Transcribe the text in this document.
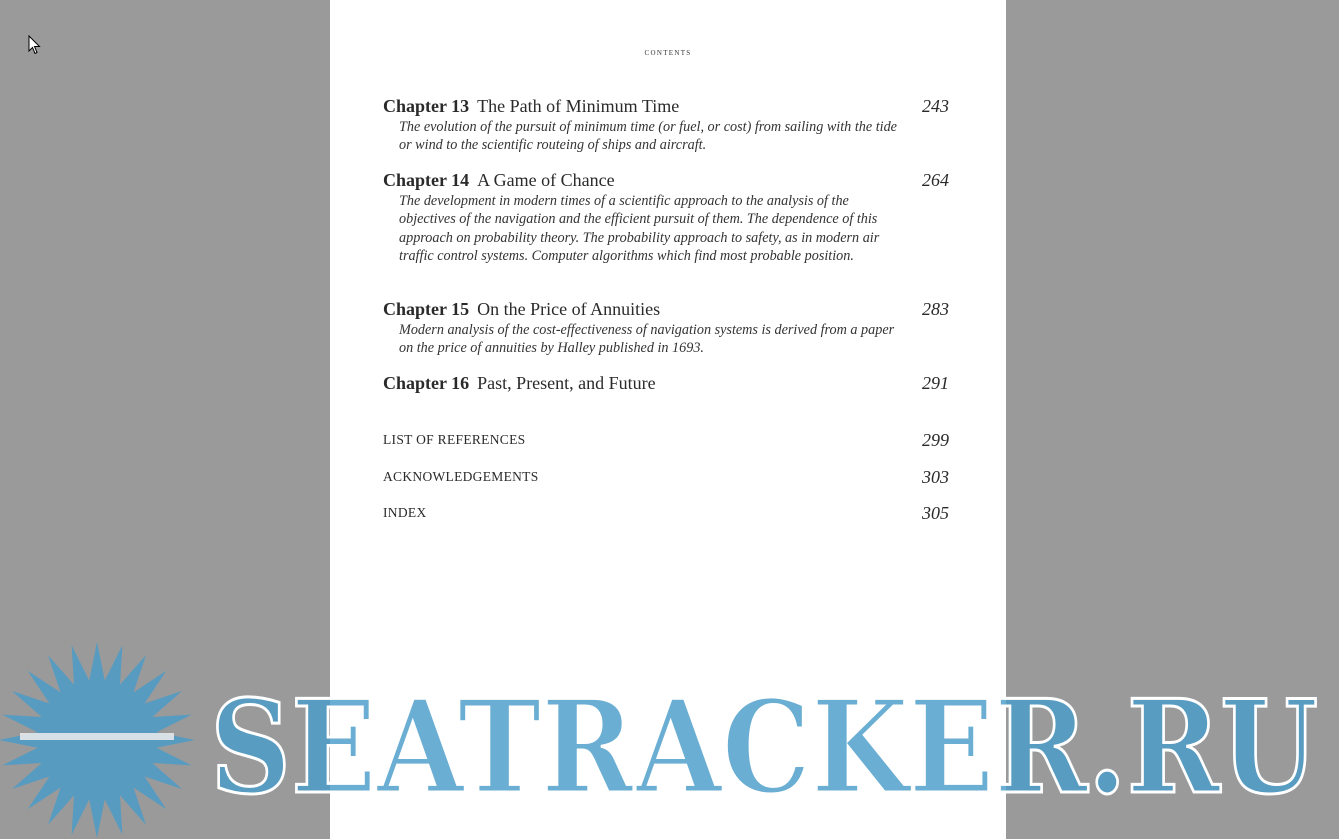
contents
Chapter 13 The Path of Minimum Time	243
The evolution of the pursuit of minimum time (or fuel, or cost) from sailing with the tide or wind to the scientific routeing of ships and aircraft.
Chapter 14 A Game of Chance	264
The development in modern times of a scientific approach to the analysis of the objectives of the navigation and the efficient pursuit of them. The dependence of this approach on probability theory. The probability approach to safety, as in modern air traffic control systems. Computer algorithms which find most probable position.
Chapter 15 On the Price of Annuities	283
Modern analysis of the cost-effectiveness of navigation systems is derived from a paper on the price of annuities by Halley published in 1693.
Chapter 16 Past, Present, and Future	291
LIST OF REFERENCES	299
ACKNOWLEDGEMENTS	303
INDEX	305
SEATRACKER.RU
